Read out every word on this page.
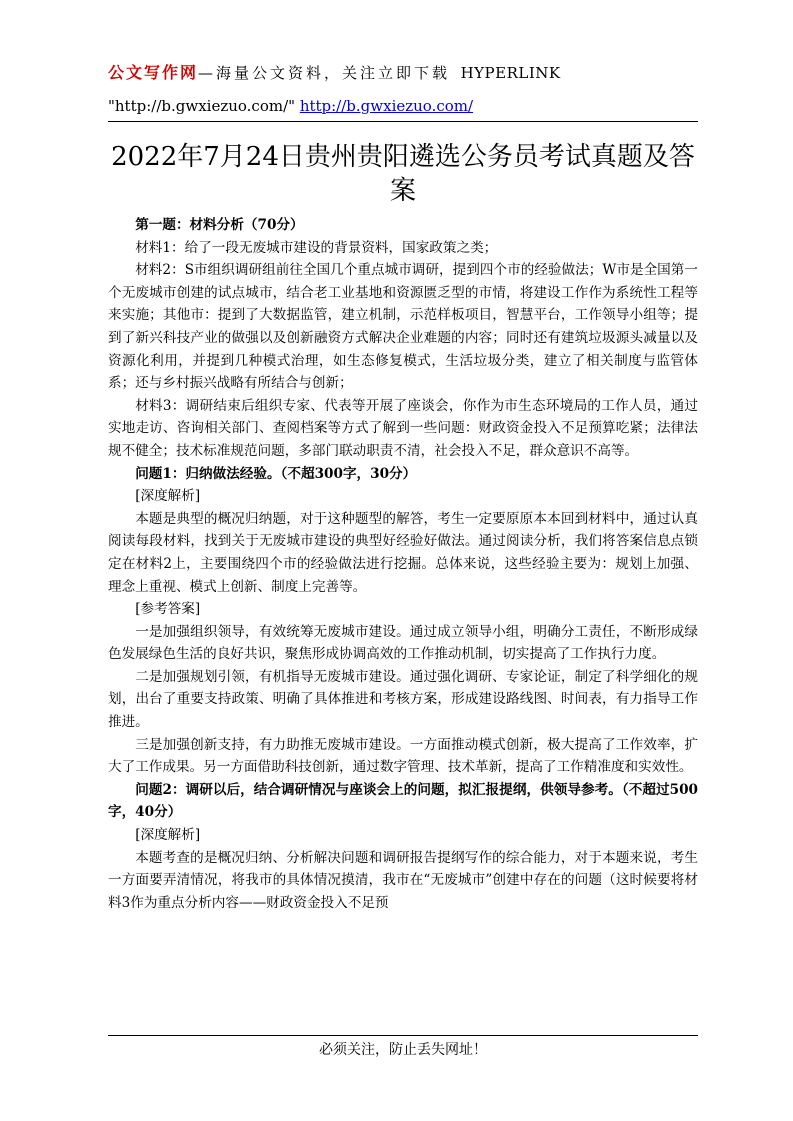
公文写作网—海量公文资料，关注立即下载 HYPERLINK
"http://b.gwxiezuo.com/" http://b.gwxiezuo.com/
2022年7月24日贵州贵阳遴选公务员考试真题及答案

第一题：材料分析（70分）

材料1：给了一段无废城市建设的背景资料，国家政策之类；

材料2：S市组织调研组前往全国几个重点城市调研，提到四个市的经验做法；W市是全国第一个无废城市创建的试点城市，结合老工业基地和资源匮乏型的市情，将建设工作作为系统性工程等来实施；其他市：提到了大数据监管，建立机制，示范样板项目，智慧平台，工作领导小组等；提到了新兴科技产业的做强以及创新融资方式解决企业难题的内容；同时还有建筑垃圾源头减量以及资源化利用，并提到几种模式治理，如生态修复模式，生活垃圾分类，建立了相关制度与监管体系；还与乡村振兴战略有所结合与创新；

材料3：调研结束后组织专家、代表等开展了座谈会，你作为市生态环境局的工作人员，通过实地走访、咨询相关部门、查阅档案等方式了解到一些问题：财政资金投入不足预算吃紧；法律法规不健全；技术标准规范问题，多部门联动职责不清，社会投入不足，群众意识不高等。

问题1：归纳做法经验。（不超300字，30分）

[深度解析]

本题是典型的概况归纳题，对于这种题型的解答，考生一定要原原本本回到材料中，通过认真阅读每段材料，找到关于无废城市建设的典型好经验好做法。通过阅读分析，我们将答案信息点锁定在材料2上，主要围绕四个市的经验做法进行挖掘。总体来说，这些经验主要为：规划上加强、理念上重视、模式上创新、制度上完善等。

[参考答案]

一是加强组织领导，有效统筹无废城市建设。通过成立领导小组，明确分工责任，不断形成绿色发展绿色生活的良好共识，聚焦形成协调高效的工作推动机制，切实提高了工作执行力度。

二是加强规划引领，有机指导无废城市建设。通过强化调研、专家论证，制定了科学细化的规划，出台了重要支持政策、明确了具体推进和考核方案，形成建设路线图、时间表，有力指导工作推进。

三是加强创新支持，有力助推无废城市建设。一方面推动模式创新，极大提高了工作效率，扩大了工作成果。另一方面借助科技创新，通过数字管理、技术革新，提高了工作精准度和实效性。

问题2：调研以后，结合调研情况与座谈会上的问题，拟汇报提纲，供领导参考。（不超过500字，40分）

[深度解析]

本题考查的是概况归纳、分析解决问题和调研报告提纲写作的综合能力，对于本题来说，考生一方面要弄清情况，将我市的具体情况摸清，我市在“无废城市”创建中存在的问题（这时候要将材料3作为重点分析内容——财政资金投入不足预

必须关注，防止丢失网址！
